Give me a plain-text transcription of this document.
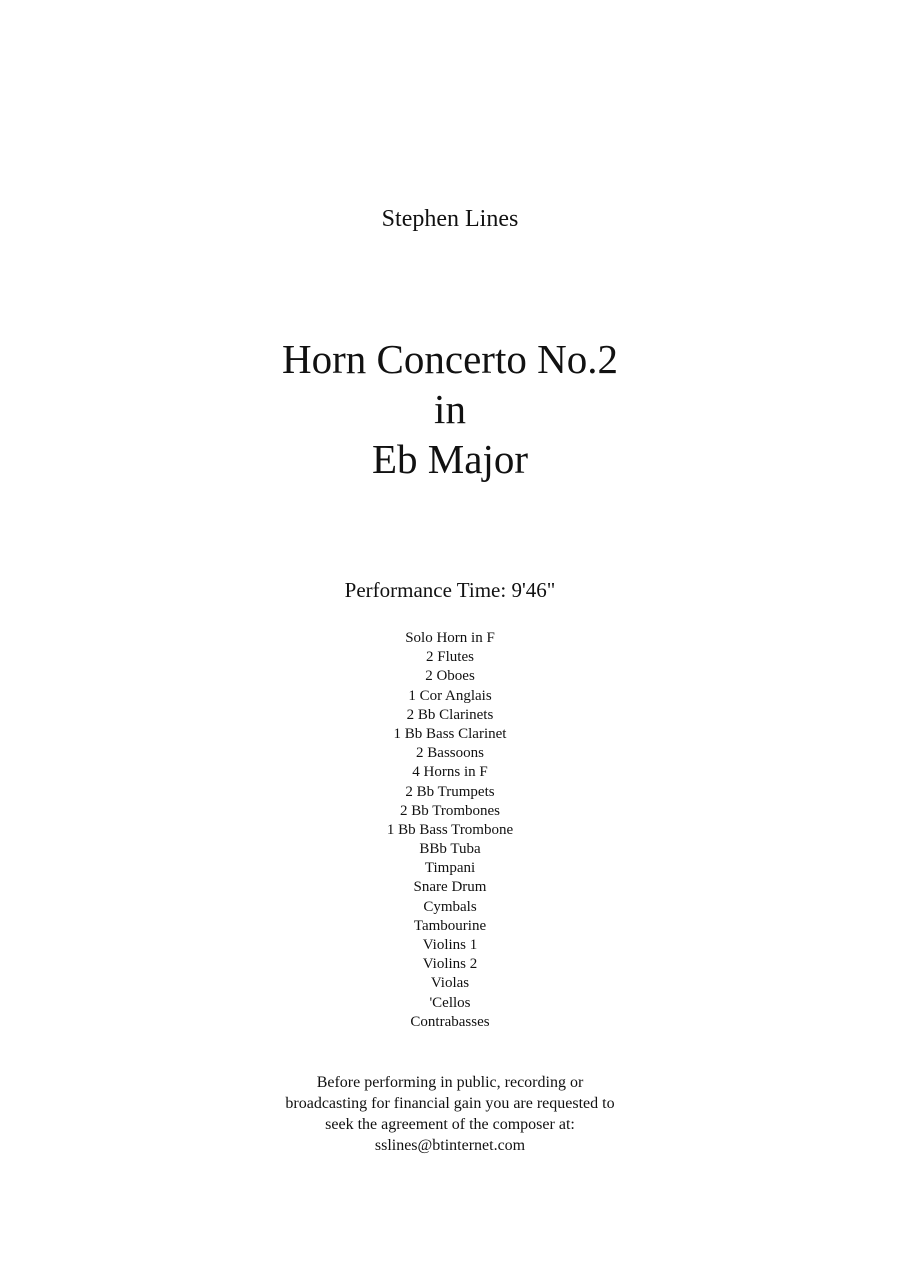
Stephen Lines
Horn Concerto No.2
in
Eb Major
Performance Time: 9'46"
Solo Horn in F
2 Flutes
2 Oboes
1 Cor Anglais
2 Bb Clarinets
1 Bb Bass Clarinet
2 Bassoons
4 Horns in F
2 Bb Trumpets
2 Bb Trombones
1 Bb Bass Trombone
BBb Tuba
Timpani
Snare Drum
Cymbals
Tambourine
Violins 1
Violins 2
Violas
'Cellos
Contrabasses
Before performing in public, recording or
broadcasting for financial gain you are requested to
seek the agreement of the composer at:
sslines@btinternet.com
